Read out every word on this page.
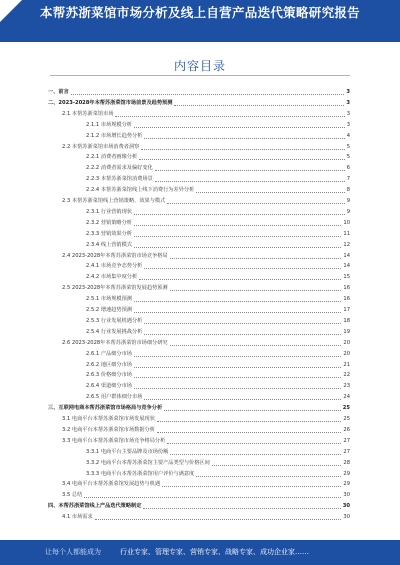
本帮苏浙菜馆市场分析及线上自营产品迭代策略研究报告
内容目录
一、前言	3
二、2023-2028年本帮苏浙菜馆市场前景及趋势预测	3
2.1 本帮苏浙菜馆市场	3
2.1.1 市场规模分析	3
2.1.2 市场增长趋势分析	4
2.2 本帮苏浙菜馆市场消费者洞察	5
2.2.1 消费者画像分析	5
2.2.2 消费者需求及偏好变化	6
2.2.3 本帮苏浙菜馆消费场景	7
2.2.4 本帮苏浙菜馆线上线下消费行为差异分析	8
2.3 本帮苏浙菜馆线上营销策略、效果与模式	9
2.3.1 行业营销现状	9
2.3.2 营销策略分析	10
2.3.3 营销效果分析	11
2.3.4 线上营销模式	12
2.4 2023-2028年本帮苏浙菜馆市场竞争格局	14
2.4.1 市场竞争态势分析	14
2.4.2 市场集中度分析	15
2.5 2023-2028年本帮苏浙菜馆发展趋势预测	16
2.5.1 市场规模预测	16
2.5.2 增速趋势预测	17
2.5.3 行业发展机遇分析	18
2.5.4 行业发展挑战分析	19
2.6 2023-2028年本帮苏浙菜馆市场细分研究	20
2.6.1 产品细分市场	20
2.6.2 地区细分市场	21
2.6.3 价格细分市场	22
2.6.4 渠道细分市场	23
2.6.5 用户群体细分市场	24
三、互联网电商本帮苏浙菜馆市场格局与竞争分析	25
3.1 电商平台本帮苏浙菜馆市场发展现状	25
3.2 电商平台本帮苏浙菜馆市场数据分析	26
3.3 电商平台本帮苏浙菜馆市场竞争格局分析	27
3.3.1 电商平台主要品牌及市场份额	27
3.3.2 电商平台本帮苏浙菜馆主要产品类型与价格区间	28
3.3.3 电商平台本帮苏浙菜馆用户评价与满意度	29
3.4 电商平台本帮苏浙菜馆发展趋势与机遇	29
3.5 总结	30
四、本帮苏浙菜馆线上产品迭代策略制定	30
4.1 市场需求	30
让每个人都能成为	行业专家、管理专家、营销专家、战略专家、成功企业家……
